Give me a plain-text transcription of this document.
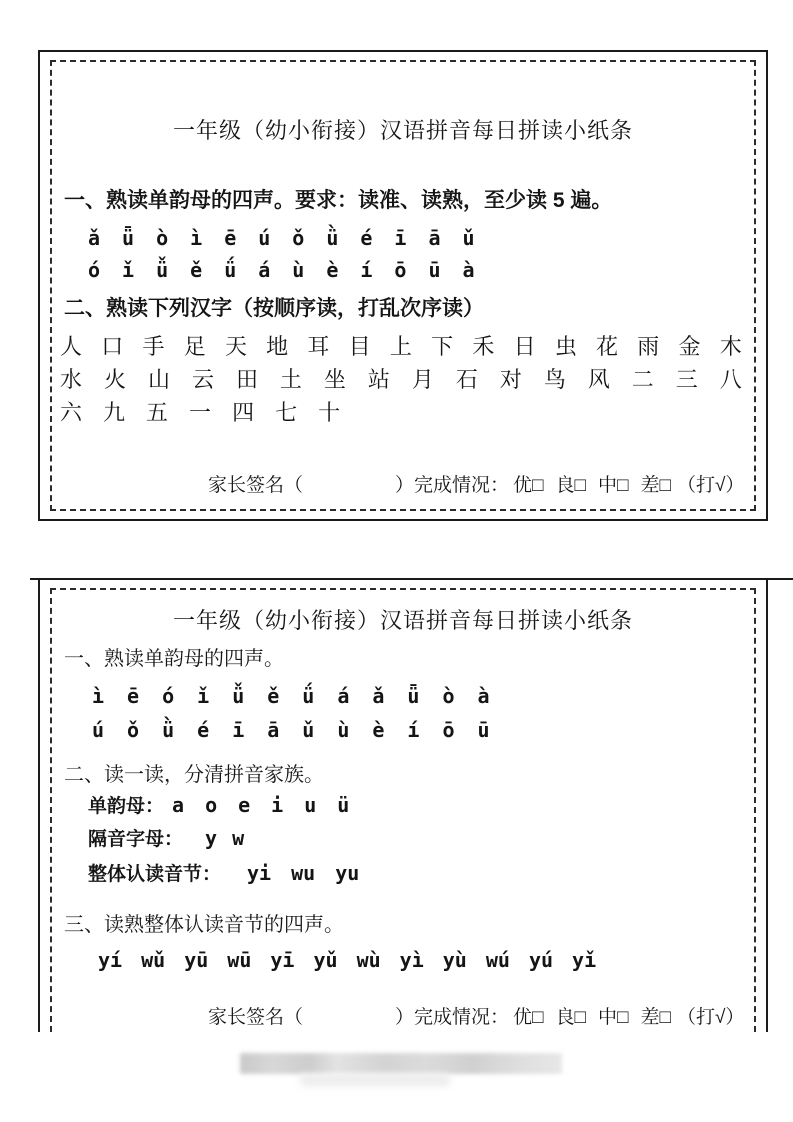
一年级（幼小衔接）汉语拼音每日拼读小纸条
一、熟读单韵母的四声。要求：读准、读熟，至少读 5 遍。
ǎ ǖ ò ì ē ú ǒ ǜ é ī ā ǔ
ó ǐ ǚ ě ǘ á ù è í ō ū à
二、熟读下列汉字（按顺序读，打乱次序读）
人 口 手 足 天 地 耳 目 上 下 禾 日 虫 花 雨 金 木
水 火 山 云 田 土 坐 站 月 石 对 鸟 风 二 三 八
六 九 五 一 四 七 十
家长签名（	）完成情况： 优□ 良□ 中□ 差□ （打√）
一年级（幼小衔接）汉语拼音每日拼读小纸条
一、熟读单韵母的四声。
ì ē ó ǐ ǚ ě ǘ á ǎ ǖ ò à
ú ǒ ǜ é ī ā ǔ ù è í ō ū
二、读一读，分清拼音家族。
单韵母： a o e i u ü
隔音字母： y w
整体认读音节： yi wu yu
三、读熟整体认读音节的四声。
yí wǔ yū wū yī yǔ wù yì yù wú yú yǐ
家长签名（	）完成情况： 优□ 良□ 中□ 差□ （打√）
